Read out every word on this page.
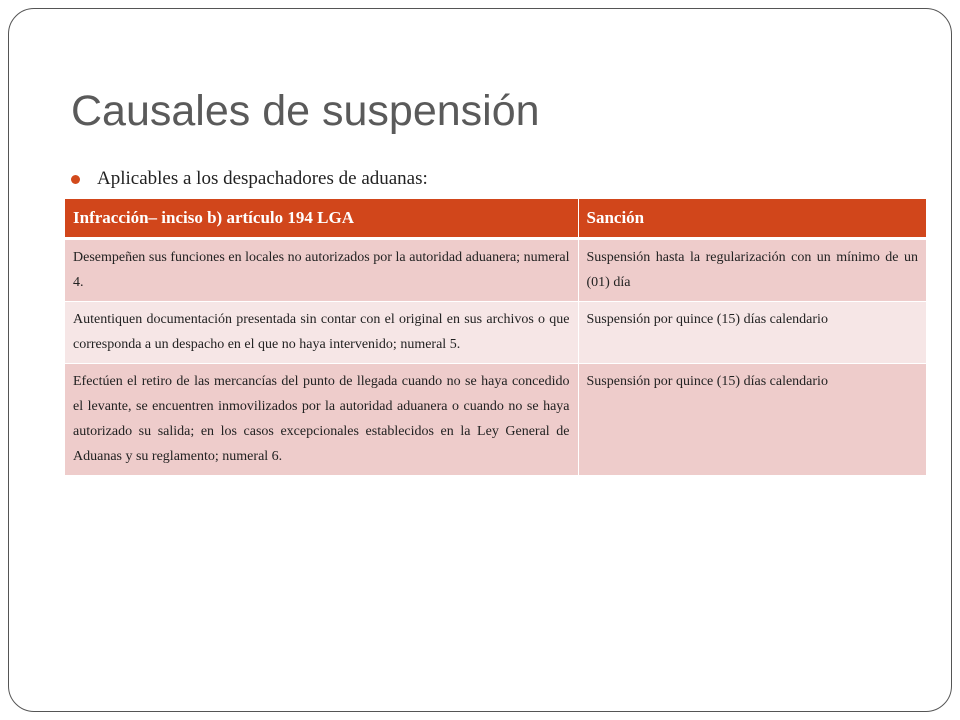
Causales de suspensión
Aplicables a los despachadores de aduanas:
Infracción– inciso b) artículo 194 LGA	Sanción
Desempeñen sus funciones en locales no autorizados por la autoridad aduanera; numeral 4.	Suspensión hasta la regularización con un mínimo de un (01) día
Autentiquen documentación presentada sin contar con el original en sus archivos o que corresponda a un despacho en el que no haya intervenido; numeral 5.	Suspensión por quince (15) días calendario
Efectúen el retiro de las mercancías del punto de llegada cuando no se haya concedido el levante, se encuentren inmovilizados por la autoridad aduanera o cuando no se haya autorizado su salida; en los casos excepcionales establecidos en la Ley General de Aduanas y su reglamento; numeral 6.	Suspensión por quince (15) días calendario
